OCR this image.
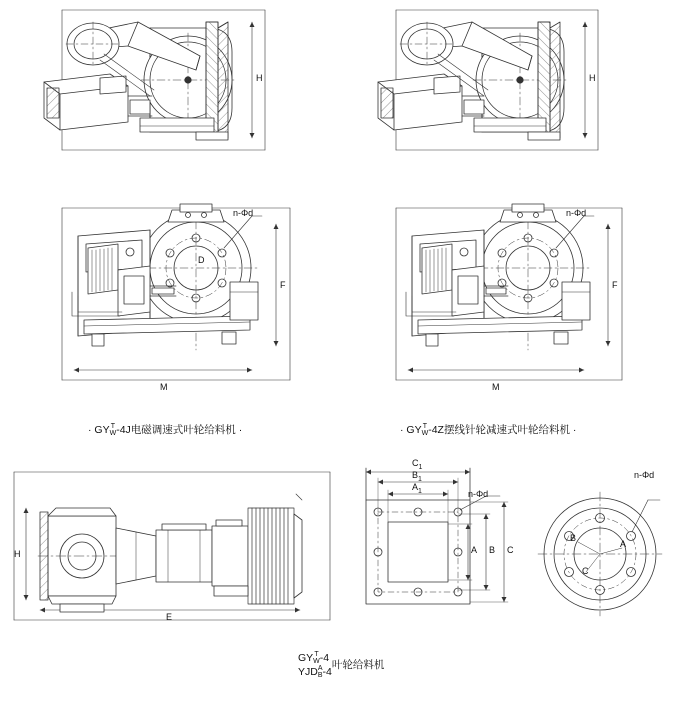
H	H
n-Φd
F
M
D
n-Φd
F
M
H
E
$C_1$
$B_1$
$A_1$	n-Φd
A B C
n-Φd
A
B
C
· GY T
W -4J电磁调速式叶轮给料机 ·	· GY T
W -4Z摆线针轮减速式叶轮给料机 ·
GY T
W -4
YJD A
B -4
叶轮给料机
